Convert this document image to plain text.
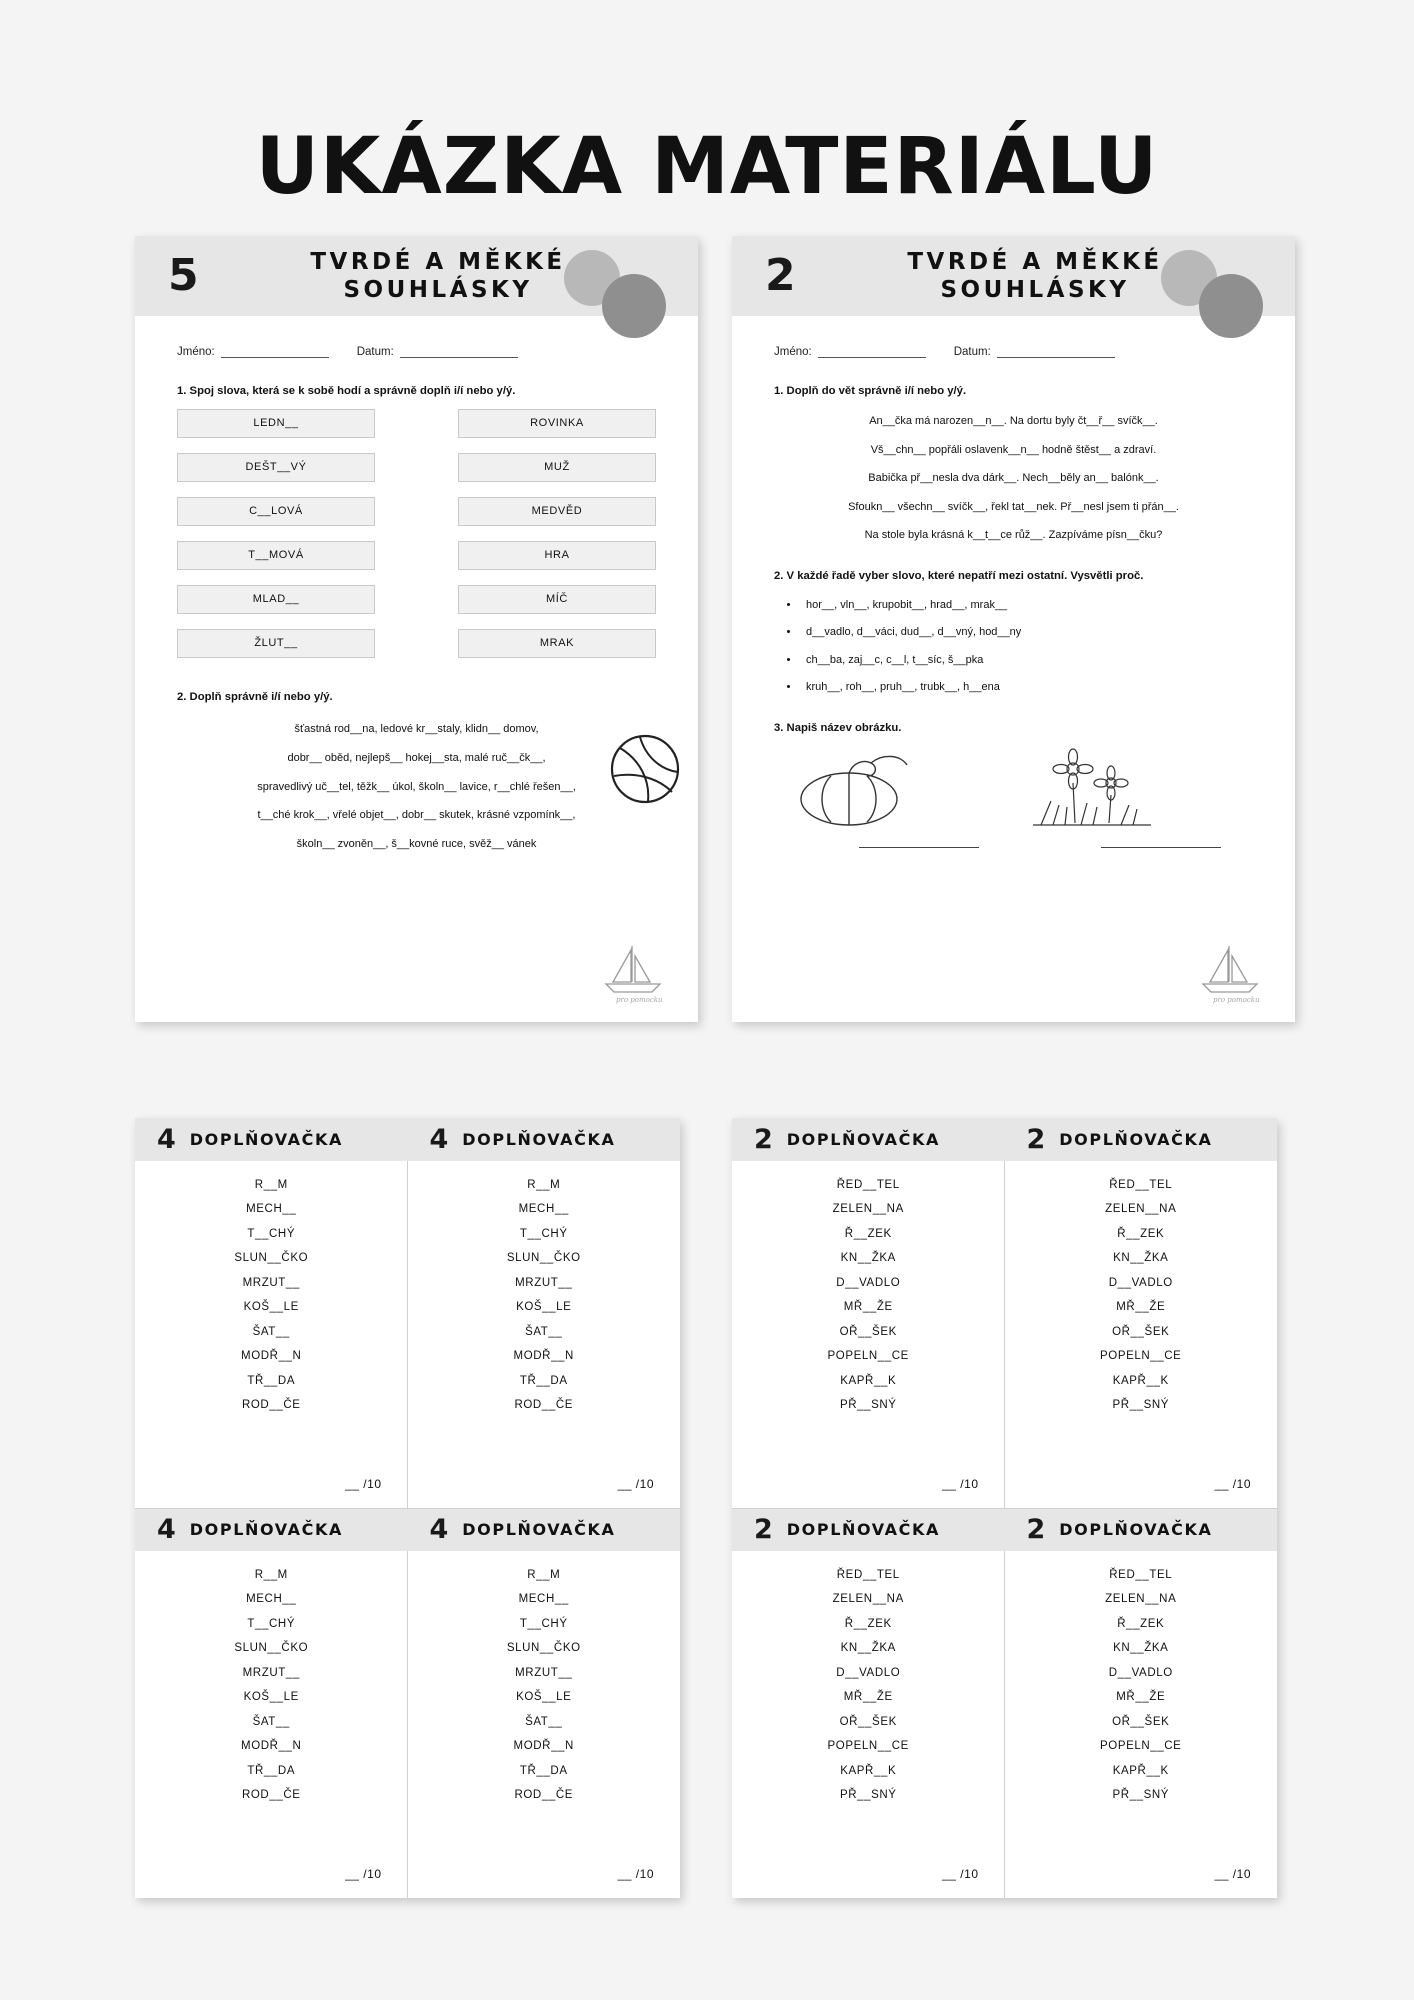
UKÁZKA MATERIÁLU
5	TVRDÉ A MĚKKÉ SOUHLÁSKY
Jméno:	Datum:
1. Spoj slova, která se k sobě hodí a správně doplň i/í nebo y/ý.
LEDN__
DEŠT__VÝ
C__LOVÁ
T__MOVÁ
MLAD__
ŽLUT__
ROVINKA
MUŽ
MEDVĚD
HRA
MÍČ
MRAK
2. Doplň správně i/í nebo y/ý.
šťastná rod__na, ledové kr__staly, klidn__ domov,
dobr__ oběd, nejlepš__ hokej__sta, malé ruč__čk__,
spravedlivý uč__tel, těžk__ úkol, školn__ lavice, r__chlé řešen__,
t__ché krok__, vřelé objet__, dobr__ skutek, krásné vzpomínk__,
školn__ zvoněn__, š__kovné ruce, svěž__ vánek
pro pomocku
2	TVRDÉ A MĚKKÉ SOUHLÁSKY
Jméno:	Datum:
1. Doplň do vět správně i/í nebo y/ý.
An__čka má narozen__n__. Na dortu byly čt__ř__ svíčk__.
Vš__chn__ popřáli oslavenk__n__ hodně štěst__ a zdraví.
Babička př__nesla dva dárk__. Nech__běly an__ balónk__.
Sfoukn__ všechn__ svíčk__, řekl tat__nek. Př__nesl jsem ti přán__.
Na stole byla krásná k__t__ce růž__. Zazpíváme písn__čku?
2. V každé řadě vyber slovo, které nepatří mezi ostatní. Vysvětli proč.
• hor__, vln__, krupobit__, hrad__, mrak__
• d__vadlo, d__váci, dud__, d__vný, hod__ny
• ch__ba, zaj__c, c__l, t__síc, š__pka
• kruh__, roh__, pruh__, trubk__, h__ena
3. Napiš název obrázku.

pro pomocku
4 DOPLŇOVAČKA
R__M
MECH__
T__CHÝ
SLUN__ČKO
MRZUT__
KOŠ__LE
ŠAT__
MODŘ__N
TŘ__DA
ROD__ČE
__ /10
4 DOPLŇOVAČKA
R__M
MECH__
T__CHÝ
SLUN__ČKO
MRZUT__
KOŠ__LE
ŠAT__
MODŘ__N
TŘ__DA
ROD__ČE
__ /10
4 DOPLŇOVAČKA
R__M
MECH__
T__CHÝ
SLUN__ČKO
MRZUT__
KOŠ__LE
ŠAT__
MODŘ__N
TŘ__DA
ROD__ČE
__ /10
4 DOPLŇOVAČKA
R__M
MECH__
T__CHÝ
SLUN__ČKO
MRZUT__
KOŠ__LE
ŠAT__
MODŘ__N
TŘ__DA
ROD__ČE
__ /10
2 DOPLŇOVAČKA
ŘED__TEL
ZELEN__NA
Ř__ZEK
KN__ŽKA
D__VADLO
MŘ__ŽE
OŘ__ŠEK
POPELN__CE
KAPŘ__K
PŘ__SNÝ
__ /10
2 DOPLŇOVAČKA
ŘED__TEL
ZELEN__NA
Ř__ZEK
KN__ŽKA
D__VADLO
MŘ__ŽE
OŘ__ŠEK
POPELN__CE
KAPŘ__K
PŘ__SNÝ
__ /10
2 DOPLŇOVAČKA
ŘED__TEL
ZELEN__NA
Ř__ZEK
KN__ŽKA
D__VADLO
MŘ__ŽE
OŘ__ŠEK
POPELN__CE
KAPŘ__K
PŘ__SNÝ
__ /10
2 DOPLŇOVAČKA
ŘED__TEL
ZELEN__NA
Ř__ZEK
KN__ŽKA
D__VADLO
MŘ__ŽE
OŘ__ŠEK
POPELN__CE
KAPŘ__K
PŘ__SNÝ
__ /10
